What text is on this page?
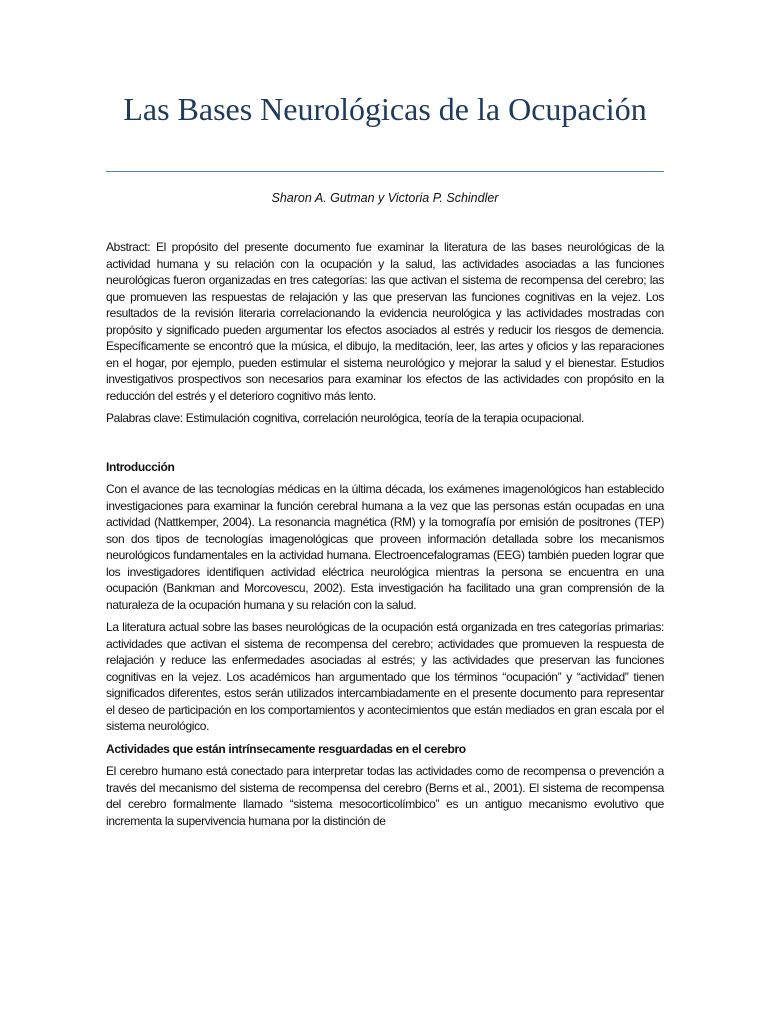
Las Bases Neurológicas de la Ocupación
Sharon A. Gutman y Victoria P. Schindler

Abstract: El propósito del presente documento fue examinar la literatura de las bases neurológicas de la actividad humana y su relación con la ocupación y la salud, las actividades asociadas a las funciones neurológicas fueron organizadas en tres categorías: las que activan el sistema de recompensa del cerebro; las que promueven las respuestas de relajación y las que preservan las funciones cognitivas en la vejez. Los resultados de la revisión literaria correlacionando la evidencia neurológica y las actividades mostradas con propósito y significado pueden argumentar los efectos asociados al estrés y reducir los riesgos de demencia. Específicamente se encontró que la música, el dibujo, la meditación, leer, las artes y oficios y las reparaciones en el hogar, por ejemplo, pueden estimular el sistema neurológico y mejorar la salud y el bienestar. Estudios investigativos prospectivos son necesarios para examinar los efectos de las actividades con propósito en la reducción del estrés y el deterioro cognitivo más lento.

Palabras clave: Estimulación cognitiva, correlación neurológica, teoría de la terapia ocupacional.

Introducción

Con el avance de las tecnologías médicas en la última década, los exámenes imagenológicos han establecido investigaciones para examinar la función cerebral humana a la vez que las personas están ocupadas en una actividad (Nattkemper, 2004). La resonancia magnética (RM) y la tomografía por emisión de positrones (TEP) son dos tipos de tecnologías imagenológicas que proveen información detallada sobre los mecanismos neurológicos fundamentales en la actividad humana. Electroencefalogramas (EEG) también pueden lograr que los investigadores identifiquen actividad eléctrica neurológica mientras la persona se encuentra en una ocupación (Bankman and Morcovescu, 2002). Esta investigación ha facilitado una gran comprensión de la naturaleza de la ocupación humana y su relación con la salud.

La literatura actual sobre las bases neurológicas de la ocupación está organizada en tres categorías primarias: actividades que activan el sistema de recompensa del cerebro; actividades que promueven la respuesta de relajación y reduce las enfermedades asociadas al estrés; y las actividades que preservan las funciones cognitivas en la vejez. Los académicos han argumentado que los términos “ocupación” y “actividad” tienen significados diferentes, estos serán utilizados intercambiadamente en el presente documento para representar el deseo de participación en los comportamientos y acontecimientos que están mediados en gran escala por el sistema neurológico.

Actividades que están intrínsecamente resguardadas en el cerebro

El cerebro humano está conectado para interpretar todas las actividades como de recompensa o prevención a través del mecanismo del sistema de recompensa del cerebro (Berns et al., 2001). El sistema de recompensa del cerebro formalmente llamado “sistema mesocorticolímbico” es un antiguo mecanismo evolutivo que incrementa la supervivencia humana por la distinción de
